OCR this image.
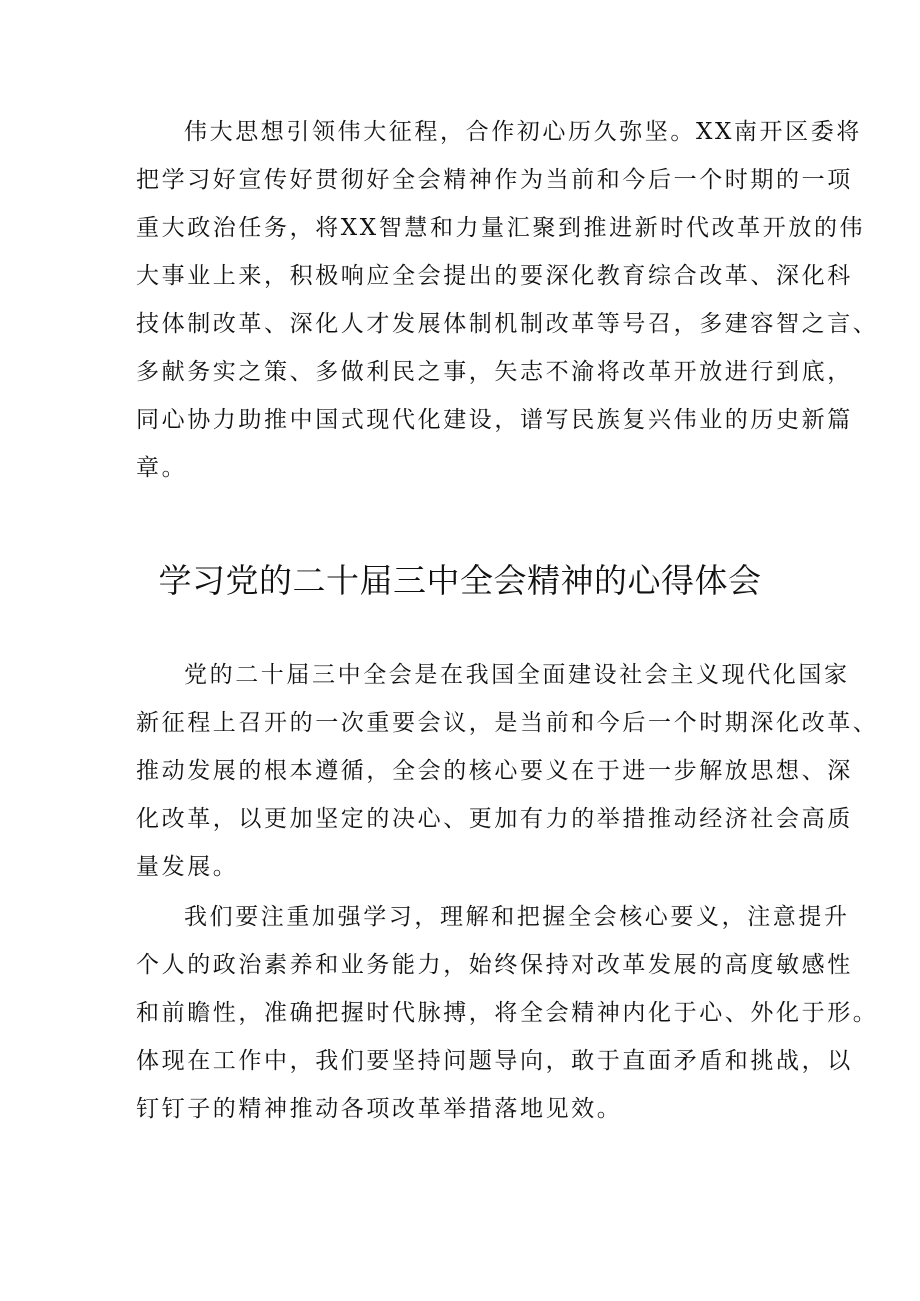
伟大思想引领伟大征程，合作初心历久弥坚。XX南开区委将
把学习好宣传好贯彻好全会精神作为当前和今后一个时期的一项
重大政治任务，将XX智慧和力量汇聚到推进新时代改革开放的伟
大事业上来，积极响应全会提出的要深化教育综合改革、深化科
技体制改革、深化人才发展体制机制改革等号召，多建容智之言、
多献务实之策、多做利民之事，矢志不渝将改革开放进行到底，
同心协力助推中国式现代化建设，谱写民族复兴伟业的历史新篇
章。
学习党的二十届三中全会精神的心得体会
党的二十届三中全会是在我国全面建设社会主义现代化国家
新征程上召开的一次重要会议，是当前和今后一个时期深化改革、
推动发展的根本遵循，全会的核心要义在于进一步解放思想、深
化改革，以更加坚定的决心、更加有力的举措推动经济社会高质
量发展。
我们要注重加强学习，理解和把握全会核心要义，注意提升
个人的政治素养和业务能力，始终保持对改革发展的高度敏感性
和前瞻性，准确把握时代脉搏，将全会精神内化于心、外化于形。
体现在工作中，我们要坚持问题导向，敢于直面矛盾和挑战，以
钉钉子的精神推动各项改革举措落地见效。
